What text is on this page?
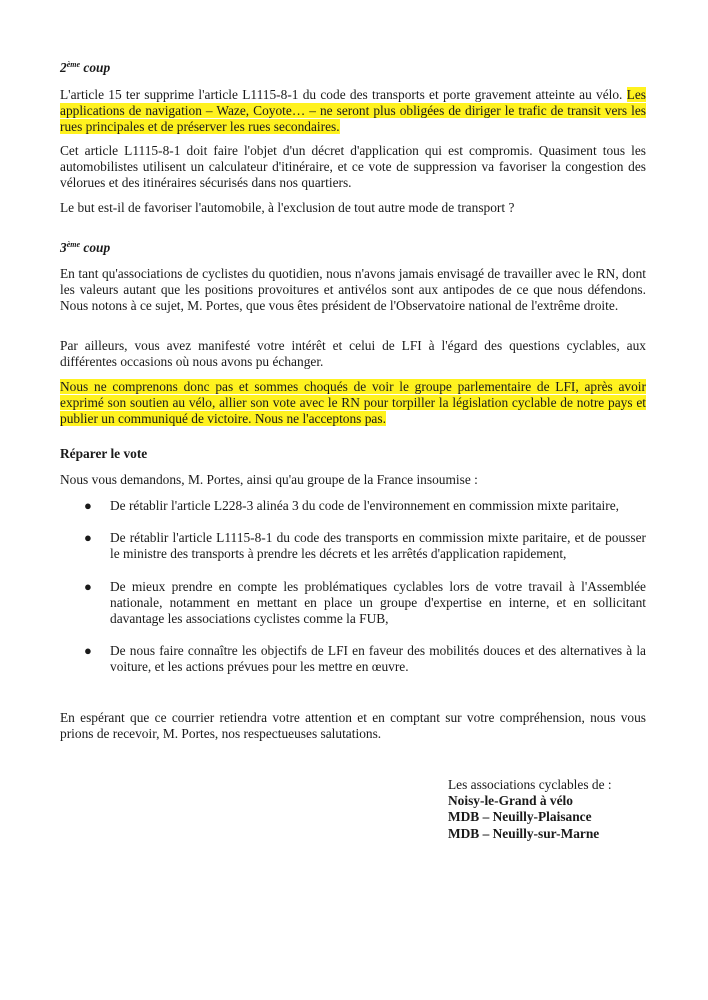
2ème coup

L'article 15 ter supprime l'article L1115-8-1 du code des transports et porte gravement atteinte au vélo. Les applications de navigation – Waze, Coyote… – ne seront plus obligées de diriger le trafic de transit vers les rues principales et de préserver les rues secondaires.

Cet article L1115-8-1 doit faire l'objet d'un décret d'application qui est compromis. Quasiment tous les automobilistes utilisent un calculateur d'itinéraire, et ce vote de suppression va favoriser la congestion des vélorues et des itinéraires sécurisés dans nos quartiers.

Le but est-il de favoriser l'automobile, à l'exclusion de tout autre mode de transport ?

3ème coup

En tant qu'associations de cyclistes du quotidien, nous n'avons jamais envisagé de travailler avec le RN, dont les valeurs autant que les positions provoitures et antivélos sont aux antipodes de ce que nous défendons. Nous notons à ce sujet, M. Portes, que vous êtes président de l'Observatoire national de l'extrême droite.

Par ailleurs, vous avez manifesté votre intérêt et celui de LFI à l'égard des questions cyclables, aux différentes occasions où nous avons pu échanger.

Nous ne comprenons donc pas et sommes choqués de voir le groupe parlementaire de LFI, après avoir exprimé son soutien au vélo, allier son vote avec le RN pour torpiller la législation cyclable de notre pays et publier un communiqué de victoire. Nous ne l'acceptons pas.

Réparer le vote

Nous vous demandons, M. Portes, ainsi qu'au groupe de la France insoumise :

● De rétablir l'article L228-3 alinéa 3 du code de l'environnement en commission mixte paritaire,
● De rétablir l'article L1115-8-1 du code des transports en commission mixte paritaire, et de pousser le ministre des transports à prendre les décrets et les arrêtés d'application rapidement,
● De mieux prendre en compte les problématiques cyclables lors de votre travail à l'Assemblée nationale, notamment en mettant en place un groupe d'expertise en interne, et en sollicitant davantage les associations cyclistes comme la FUB,
● De nous faire connaître les objectifs de LFI en faveur des mobilités douces et des alternatives à la voiture, et les actions prévues pour les mettre en œuvre.

En espérant que ce courrier retiendra votre attention et en comptant sur votre compréhension, nous vous prions de recevoir, M. Portes, nos respectueuses salutations.

Les associations cyclables de :
Noisy-le-Grand à vélo
MDB – Neuilly-Plaisance
MDB – Neuilly-sur-Marne
